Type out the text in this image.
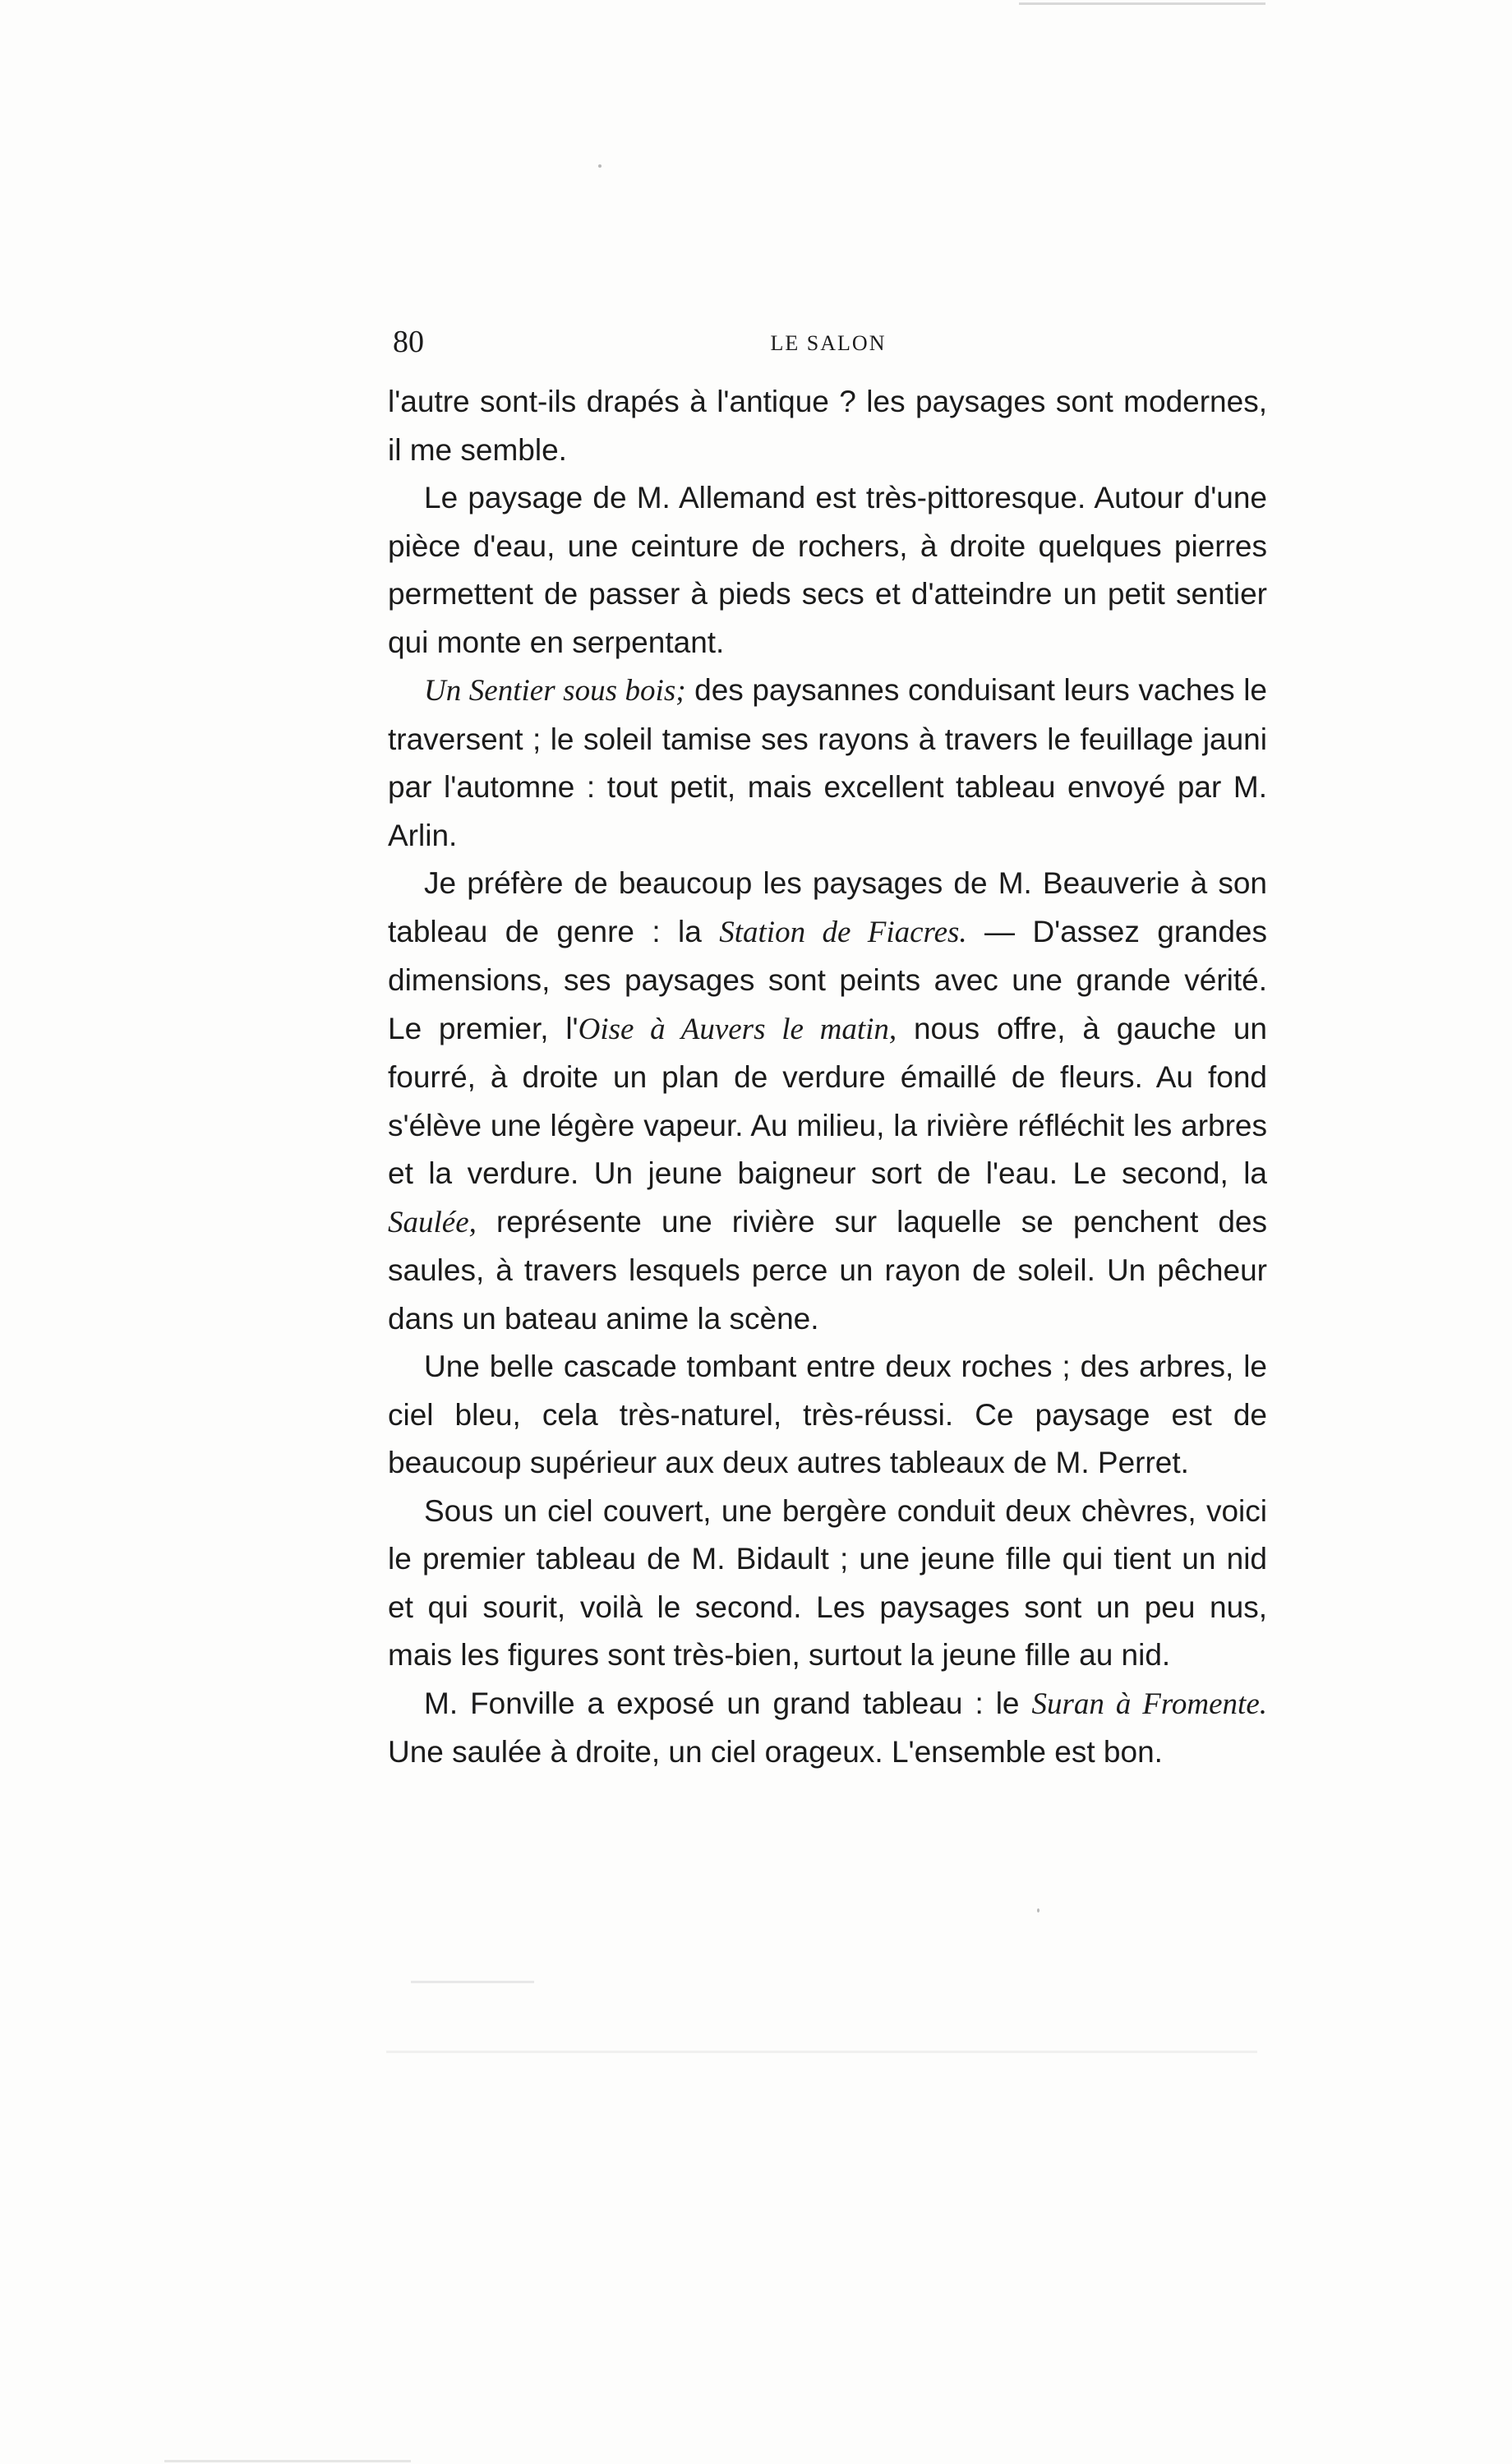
80	LE SALON

l'autre sont-ils drapés à l'antique ? les paysages sont modernes, il me semble.

Le paysage de M. Allemand est très-pittoresque. Autour d'une pièce d'eau, une ceinture de rochers, à droite quelques pierres permettent de passer à pieds secs et d'atteindre un petit sentier qui monte en serpentant.

Un Sentier sous bois; des paysannes conduisant leurs vaches le traversent ; le soleil tamise ses rayons à travers le feuillage jauni par l'automne : tout petit, mais excellent tableau envoyé par M. Arlin.

Je préfère de beaucoup les paysages de M. Beauverie à son tableau de genre : la Station de Fiacres. — D'assez grandes dimensions, ses paysages sont peints avec une grande vérité. Le premier, l'Oise à Auvers le matin, nous offre, à gauche un fourré, à droite un plan de verdure émaillé de fleurs. Au fond s'élève une légère vapeur. Au milieu, la rivière réfléchit les arbres et la verdure. Un jeune baigneur sort de l'eau. Le second, la Saulée, représente une rivière sur laquelle se penchent des saules, à travers lesquels perce un rayon de soleil. Un pêcheur dans un bateau anime la scène.

Une belle cascade tombant entre deux roches ; des arbres, le ciel bleu, cela très-naturel, très-réussi. Ce paysage est de beaucoup supérieur aux deux autres tableaux de M. Perret.

Sous un ciel couvert, une bergère conduit deux chèvres, voici le premier tableau de M. Bidault ; une jeune fille qui tient un nid et qui sourit, voilà le second. Les paysages sont un peu nus, mais les figures sont très-bien, surtout la jeune fille au nid.

M. Fonville a exposé un grand tableau : le Suran à Fromente. Une saulée à droite, un ciel orageux. L'ensemble est bon.
